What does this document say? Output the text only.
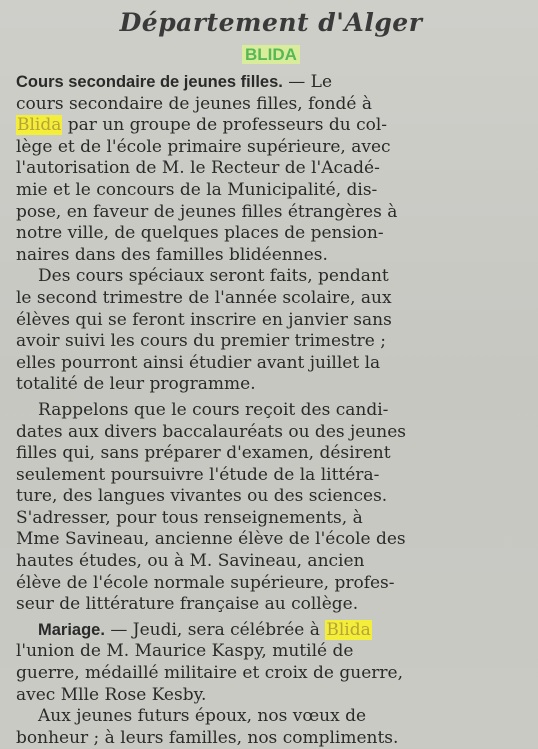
Département d'Alger
BLIDA
Cours secondaire de jeunes filles. — Le
cours secondaire de jeunes filles, fondé à
Blida par un groupe de professeurs du col-
lège et de l'école primaire supérieure, avec
l'autorisation de M. le Recteur de l'Acadé-
mie et le concours de la Municipalité, dis-
pose, en faveur de jeunes filles étrangères à
notre ville, de quelques places de pension-
naires dans des familles blidéennes.
Des cours spéciaux seront faits, pendant
le second trimestre de l'année scolaire, aux
élèves qui se feront inscrire en janvier sans
avoir suivi les cours du premier trimestre ;
elles pourront ainsi étudier avant juillet la
totalité de leur programme.
Rappelons que le cours reçoit des candi-
dates aux divers baccalauréats ou des jeunes
filles qui, sans préparer d'examen, désirent
seulement poursuivre l'étude de la littéra-
ture, des langues vivantes ou des sciences.
S'adresser, pour tous renseignements, à
Mme Savineau, ancienne élève de l'école des
hautes études, ou à M. Savineau, ancien
élève de l'école normale supérieure, profes-
seur de littérature française au collège.
Mariage. — Jeudi, sera célébrée à Blida
l'union de M. Maurice Kaspy, mutilé de
guerre, médaillé militaire et croix de guerre,
avec Mlle Rose Kesby.
Aux jeunes futurs époux, nos vœux de
bonheur ; à leurs familles, nos compliments.
